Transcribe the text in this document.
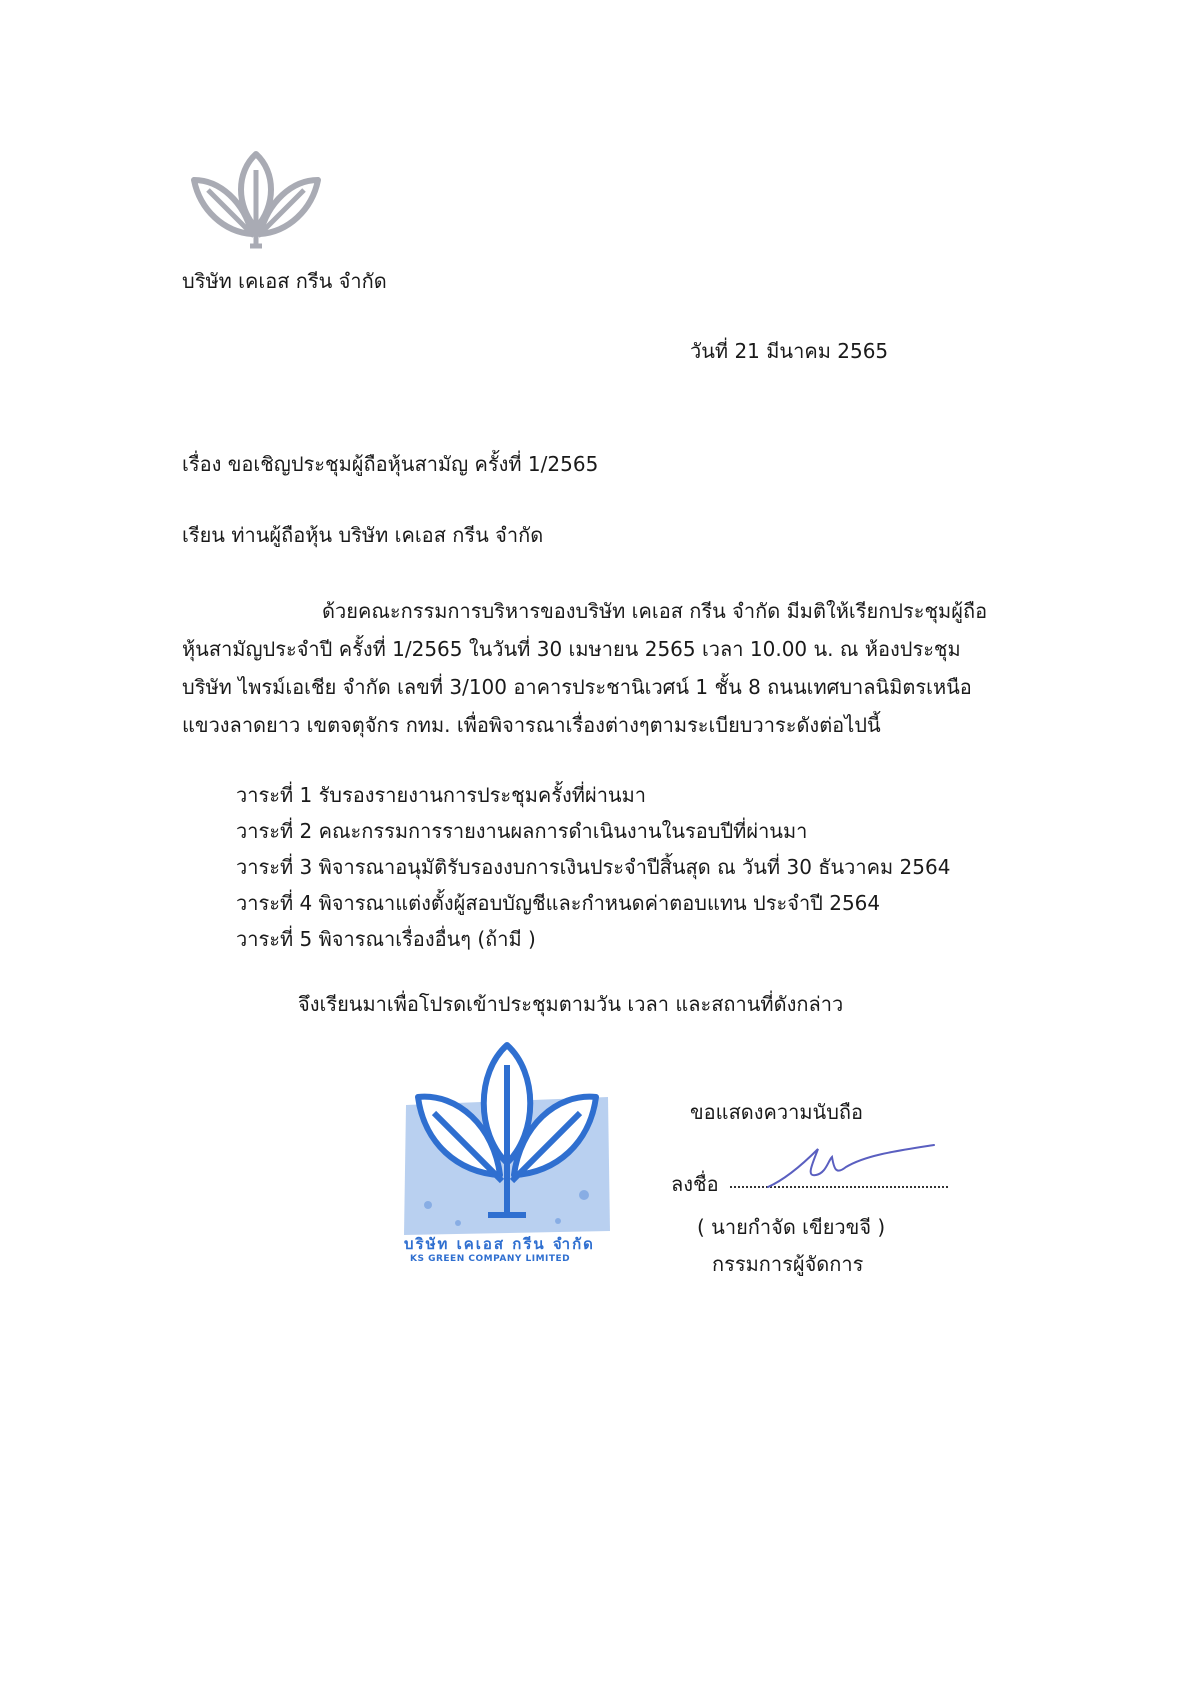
บริษัท เคเอส กรีน จำกัด
วันที่ 21 มีนาคม 2565
เรื่อง ขอเชิญประชุมผู้ถือหุ้นสามัญ ครั้งที่ 1/2565
เรียน ท่านผู้ถือหุ้น บริษัท เคเอส กรีน จำกัด
ด้วยคณะกรรมการบริหารของบริษัท เคเอส กรีน จำกัด มีมติให้เรียกประชุมผู้ถือ
หุ้นสามัญประจำปี ครั้งที่ 1/2565 ในวันที่ 30 เมษายน 2565 เวลา 10.00 น. ณ ห้องประชุม
บริษัท ไพรม์เอเชีย จำกัด เลขที่ 3/100 อาคารประชานิเวศน์ 1 ชั้น 8 ถนนเทศบาลนิมิตรเหนือ
แขวงลาดยาว เขตจตุจักร กทม. เพื่อพิจารณาเรื่องต่างๆตามระเบียบวาระดังต่อไปนี้
วาระที่ 1 รับรองรายงานการประชุมครั้งที่ผ่านมา
วาระที่ 2 คณะกรรมการรายงานผลการดำเนินงานในรอบปีที่ผ่านมา
วาระที่ 3 พิจารณาอนุมัติรับรองงบการเงินประจำปีสิ้นสุด ณ วันที่ 30 ธันวาคม 2564
วาระที่ 4 พิจารณาแต่งตั้งผู้สอบบัญชีและกำหนดค่าตอบแทน ประจำปี 2564
วาระที่ 5 พิจารณาเรื่องอื่นๆ (ถ้ามี )
จึงเรียนมาเพื่อโปรดเข้าประชุมตามวัน เวลา และสถานที่ดังกล่าว
บริษัท เคเอส กรีน จำกัด
KS GREEN COMPANY LIMITED
ขอแสดงความนับถือ
ลงชื่อ
( นายกำจัด เขียวขจี )
กรรมการผู้จัดการ
